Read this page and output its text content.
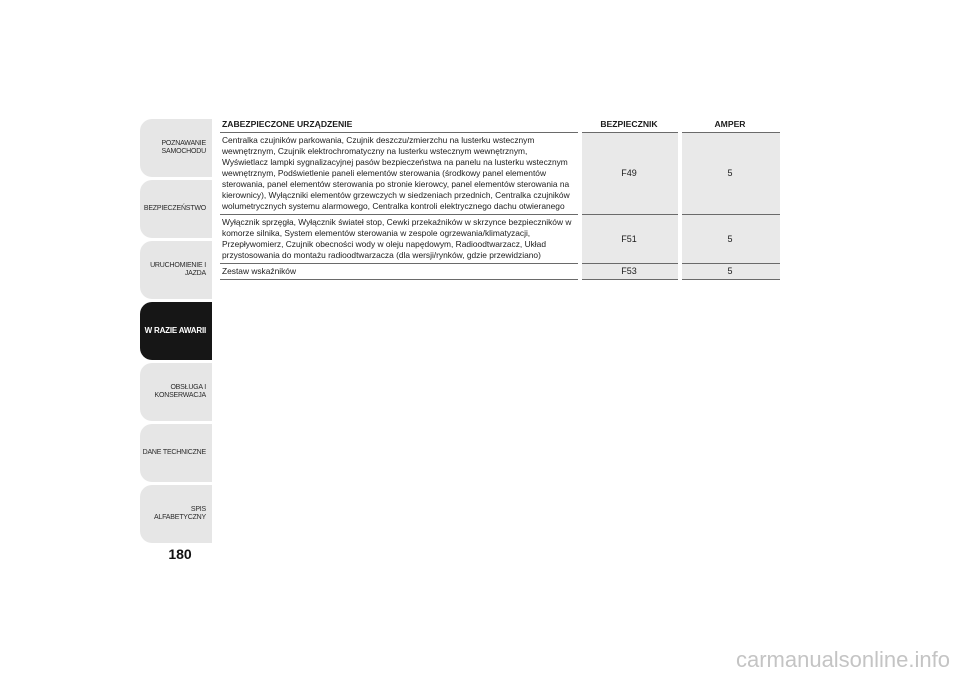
POZNAWANIE
SAMOCHODU
BEZPIECZEŃSTWO
URUCHOMIENIE I
JAZDA
W RAZIE AWARII
OBSŁUGA I
KONSERWACJA
DANE TECHNICZNE
SPIS ALFABETYCZNY
180
ZABEZPIECZONE URZĄDZENIE	BEZPIECZNIK	AMPER
Centralka czujników parkowania, Czujnik deszczu/zmierzchu na lusterku wstecznym wewnętrznym, Czujnik elektrochromatyczny na lusterku wstecznym wewnętrznym, Wyświetlacz lampki sygnalizacyjnej pasów bezpieczeństwa na panelu na lusterku wstecznym wewnętrznym, Podświetlenie paneli elementów sterowania (środkowy panel elementów sterowania, panel elementów sterowania po stronie kierowcy, panel elementów sterowania na kierownicy), Wyłączniki elementów grzewczych w siedzeniach przednich, Centralka czujników wolumetrycznych systemu alarmowego, Centralka kontroli elektrycznego dachu otwieranego	F49	5
Wyłącznik sprzęgła, Wyłącznik świateł stop, Cewki przekaźników w skrzynce bezpieczników w komorze silnika, System elementów sterowania w zespole ogrzewania/klimatyzacji, Przepływomierz, Czujnik obecności wody w oleju napędowym, Radioodtwarzacz, Układ przystosowania do montażu radioodtwarzacza (dla wersji/rynków, gdzie przewidziano)	F51	5
Zestaw wskaźników	F53	5
carmanualsonline.info
